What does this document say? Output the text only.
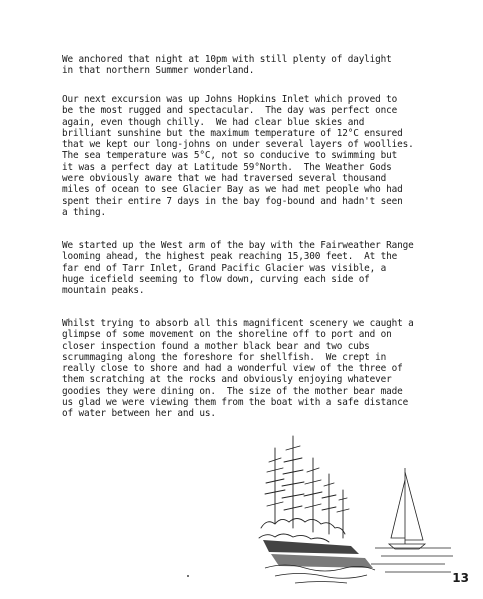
We anchored that night at 10pm with still plenty of daylight
in that northern Summer wonderland.
Our next excursion was up Johns Hopkins Inlet which proved to
be the most rugged and spectacular.  The day was perfect once
again, even though chilly.  We had clear blue skies and
brilliant sunshine but the maximum temperature of 12°C ensured
that we kept our long-johns on under several layers of woollies.
The sea temperature was 5°C, not so conducive to swimming but
it was a perfect day at Latitude 59°North.  The Weather Gods
were obviously aware that we had traversed several thousand
miles of ocean to see Glacier Bay as we had met people who had
spent their entire 7 days in the bay fog-bound and hadn't seen
a thing.
We started up the West arm of the bay with the Fairweather Range
looming ahead, the highest peak reaching 15,300 feet.  At the
far end of Tarr Inlet, Grand Pacific Glacier was visible, a
huge icefield seeming to flow down, curving each side of
mountain peaks.
Whilst trying to absorb all this magnificent scenery we caught a
glimpse of some movement on the shoreline off to port and on
closer inspection found a mother black bear and two cubs
scrummaging along the foreshore for shellfish.  We crept in
really close to shore and had a wonderful view of the three of
them scratching at the rocks and obviously enjoying whatever
goodies they were dining on.  The size of the mother bear made
us glad we were viewing them from the boat with a safe distance
of water between her and us.
13
